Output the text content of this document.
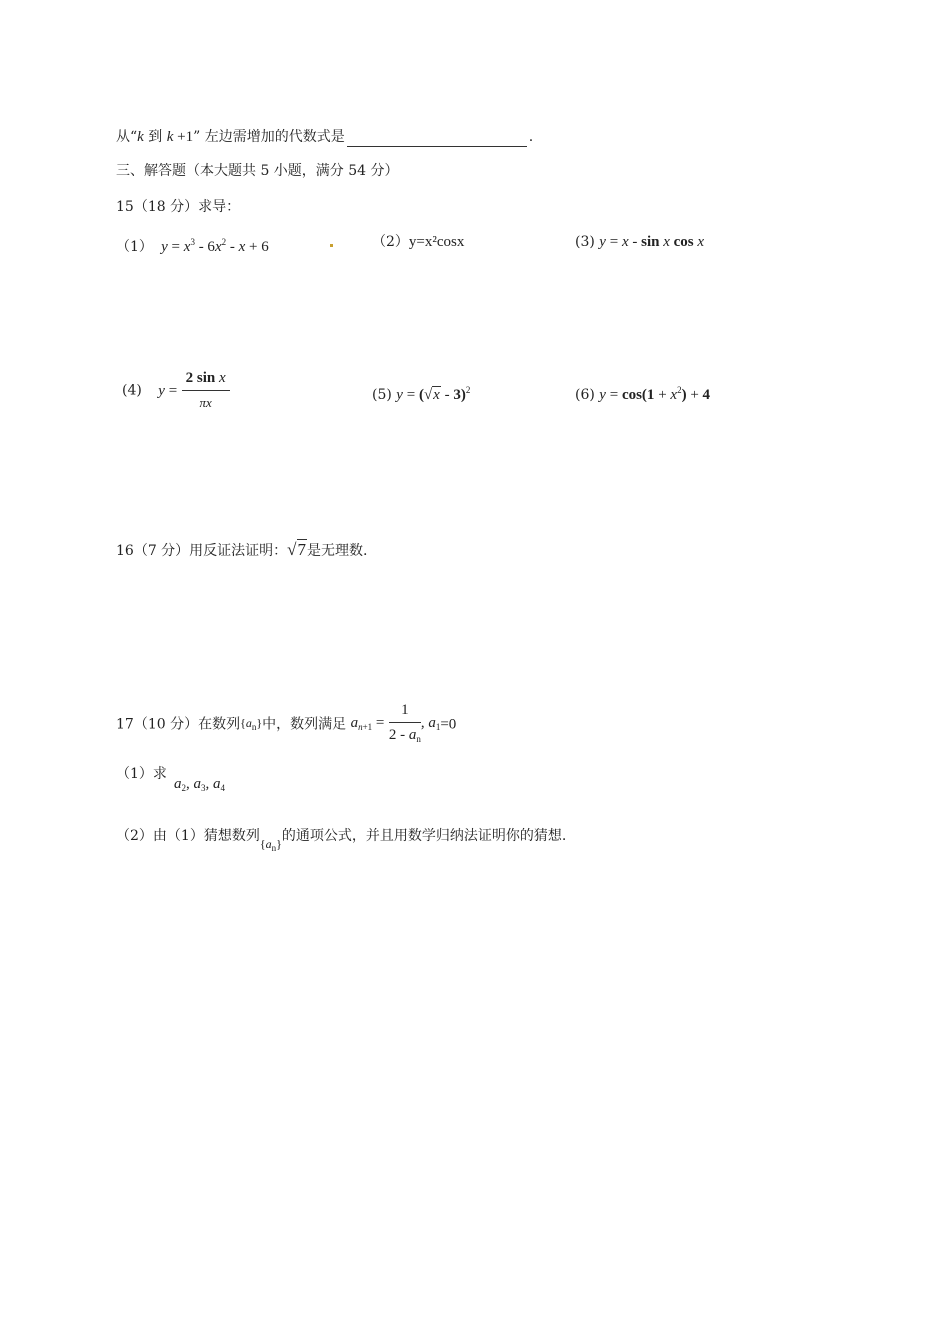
从“k 到 k +1” 左边需增加的代数式是	.
三、解答题（本大题共 5 小题，满分 54 分）
15（18 分）求导：
（1） $y = x^3 - 6x^2 - x + 6$	（2）y=x²cosx	(3) y = x - sin x cos x
(4) $y = \frac{\text{2 sin x}}{\pi x}$	(5) y = (√x - 3)$^2$	(6) $y = \cos(1 + x^2) + 4$
16（7 分）用反证法证明：√7是无理数.
17（10 分）在数列$\{a_n\}$中，数列满足 $a_{n+1} = \frac{1}{2 - a_n}$ , $a_1=0$
（1）求
$a_2$, $a_3$, $a_4$
（2）由（1）猜想数列$\{a_n\}$的通项公式，并且用数学归纳法证明你的猜想.
